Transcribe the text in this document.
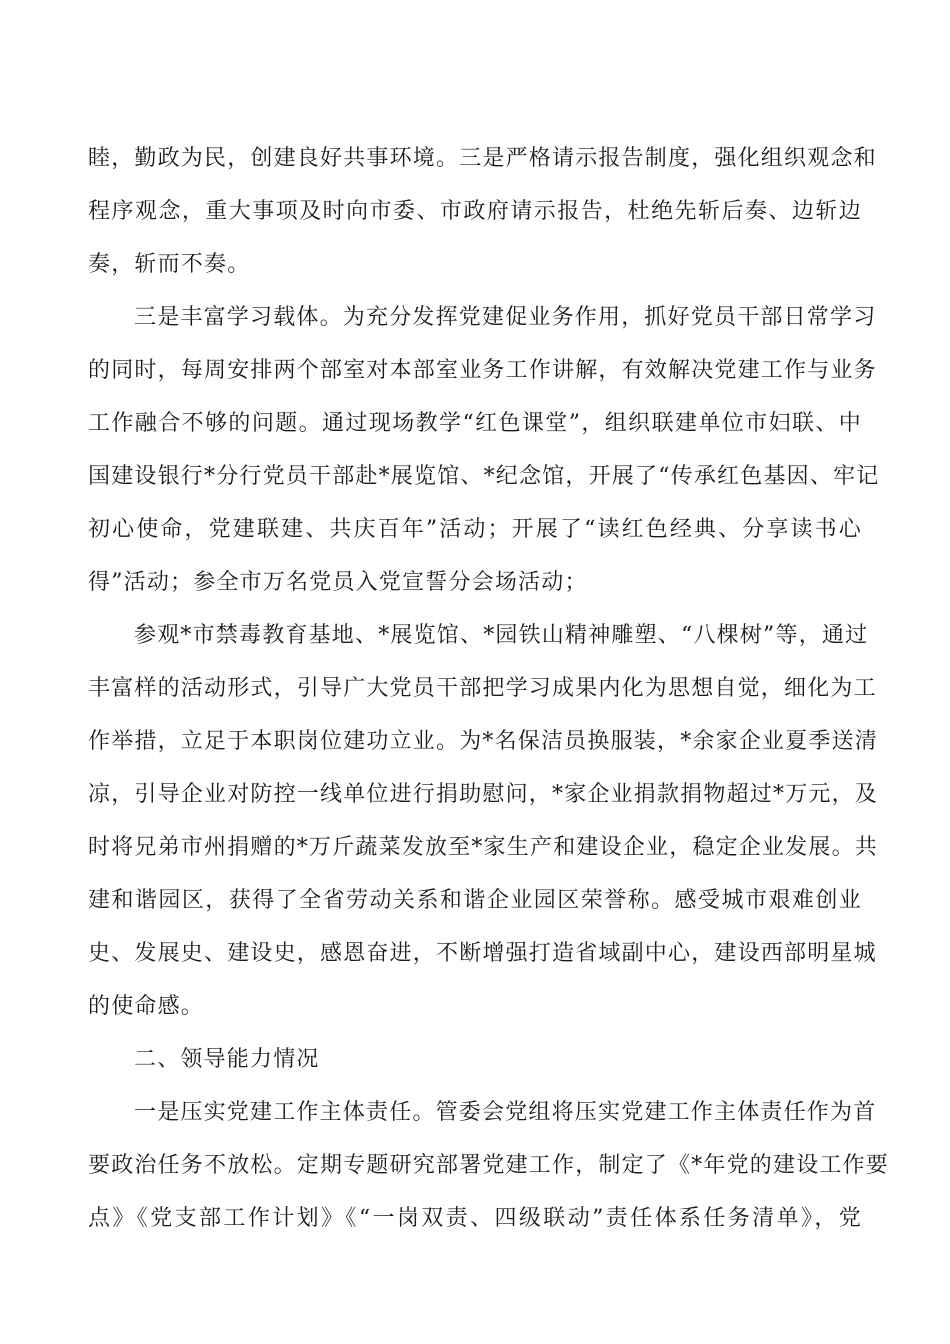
睦，勤政为民，创建良好共事环境。三是严格请示报告制度，强化组织观念和
程序观念，重大事项及时向市委、市政府请示报告，杜绝先斩后奏、边斩边
奏，斩而不奏。
三是丰富学习载体。为充分发挥党建促业务作用，抓好党员干部日常学习
的同时，每周安排两个部室对本部室业务工作讲解，有效解决党建工作与业务
工作融合不够的问题。通过现场教学“红色课堂”，组织联建单位市妇联、中
国建设银行*分行党员干部赴*展览馆、*纪念馆，开展了“传承红色基因、牢记
初心使命，党建联建、共庆百年”活动；开展了“读红色经典、分享读书心
得”活动；参全市万名党员入党宣誓分会场活动；
参观*市禁毒教育基地、*展览馆、*园铁山精神雕塑、“八棵树”等，通过
丰富样的活动形式，引导广大党员干部把学习成果内化为思想自觉，细化为工
作举措，立足于本职岗位建功立业。为*名保洁员换服装，*余家企业夏季送清
凉，引导企业对防控一线单位进行捐助慰问，*家企业捐款捐物超过*万元，及
时将兄弟市州捐赠的*万斤蔬菜发放至*家生产和建设企业，稳定企业发展。共
建和谐园区，获得了全省劳动关系和谐企业园区荣誉称。感受城市艰难创业
史、发展史、建设史，感恩奋进，不断增强打造省域副中心，建设西部明星城
的使命感。
二、领导能力情况
一是压实党建工作主体责任。管委会党组将压实党建工作主体责任作为首
要政治任务不放松。定期专题研究部署党建工作，制定了《*年党的建设工作要
点》《党支部工作计划》《“一岗双责、四级联动”责任体系任务清单》，党
